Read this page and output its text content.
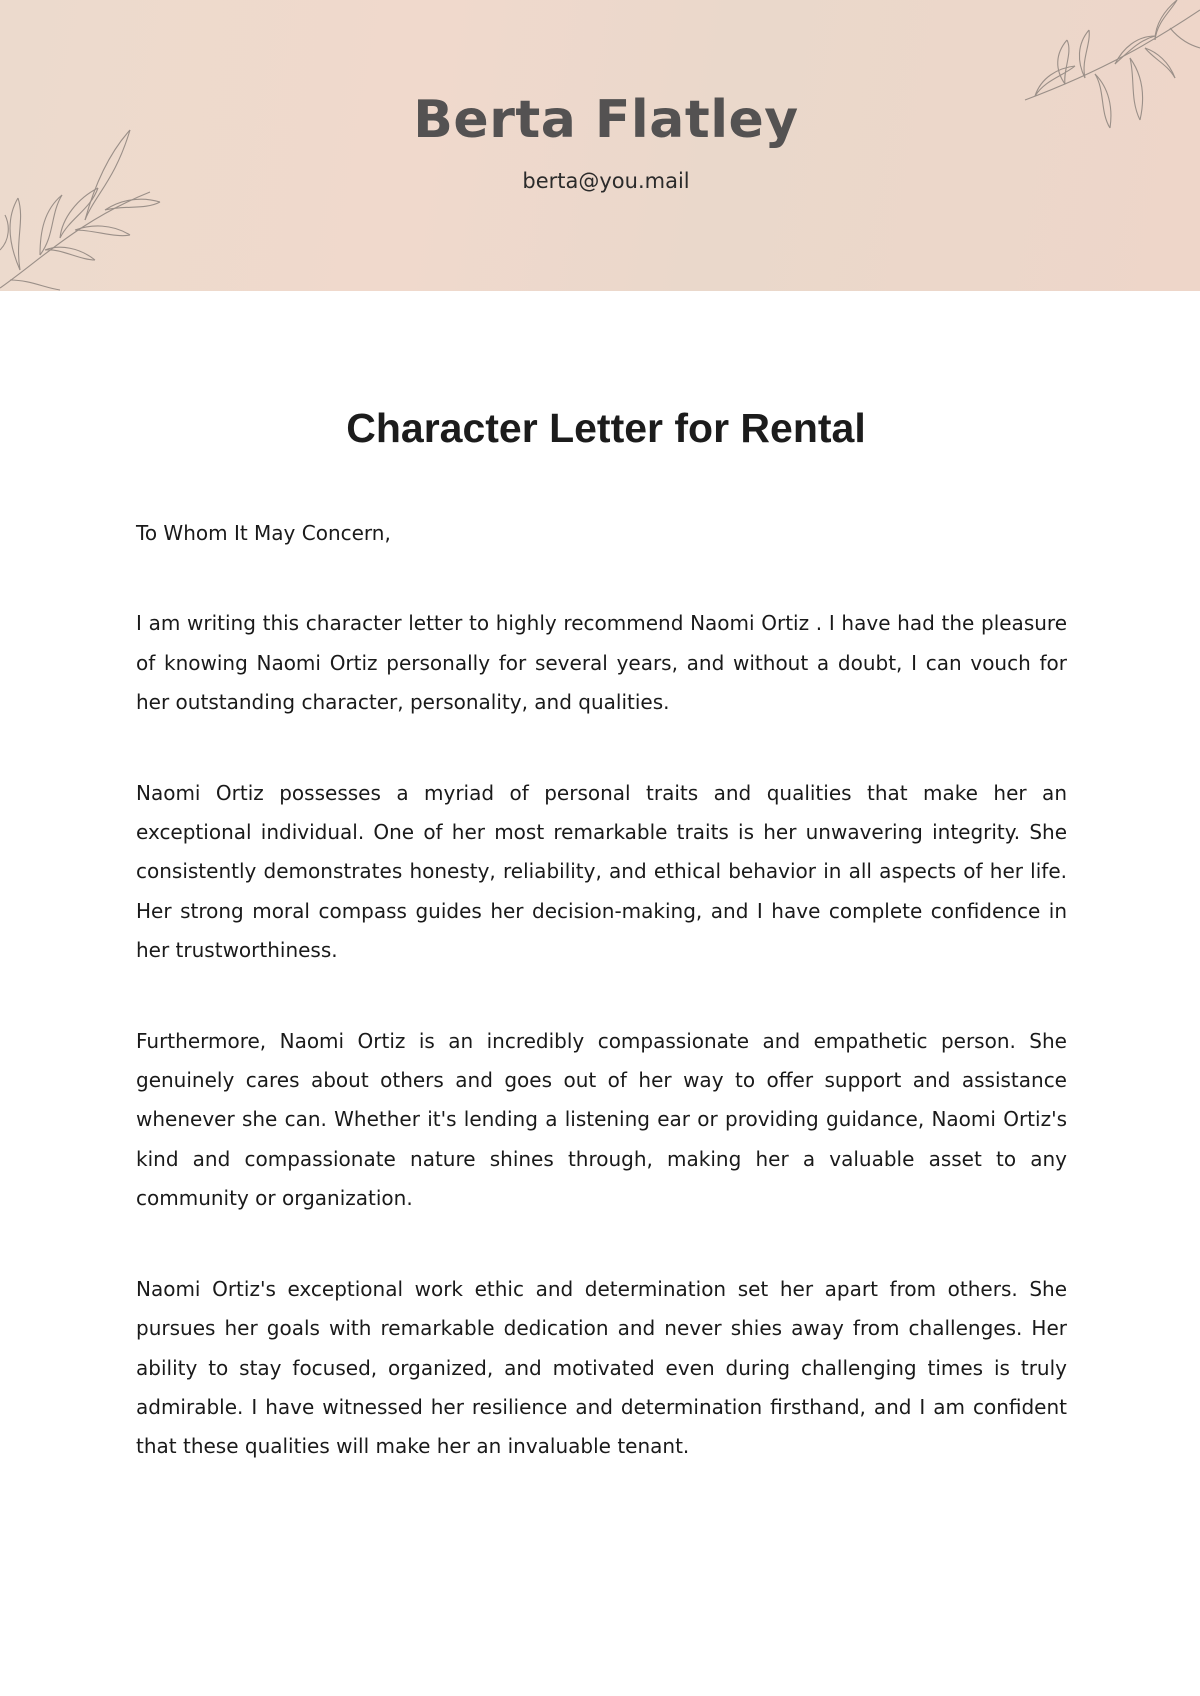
Berta Flatley
berta@you.mail
Character Letter for Rental

To Whom It May Concern,

I am writing this character letter to highly recommend Naomi Ortiz . I have had the pleasure of knowing Naomi Ortiz personally for several years, and without a doubt, I can vouch for her outstanding character, personality, and qualities.

Naomi Ortiz possesses a myriad of personal traits and qualities that make her an exceptional individual. One of her most remarkable traits is her unwavering integrity. She consistently demonstrates honesty, reliability, and ethical behavior in all aspects of her life. Her strong moral compass guides her decision-making, and I have complete confidence in her trustworthiness.

Furthermore, Naomi Ortiz is an incredibly compassionate and empathetic person. She genuinely cares about others and goes out of her way to offer support and assistance whenever she can. Whether it's lending a listening ear or providing guidance, Naomi Ortiz's kind and compassionate nature shines through, making her a valuable asset to any community or organization.

Naomi Ortiz's exceptional work ethic and determination set her apart from others. She pursues her goals with remarkable dedication and never shies away from challenges. Her ability to stay focused, organized, and motivated even during challenging times is truly admirable. I have witnessed her resilience and determination firsthand, and I am confident that these qualities will make her an invaluable tenant.
